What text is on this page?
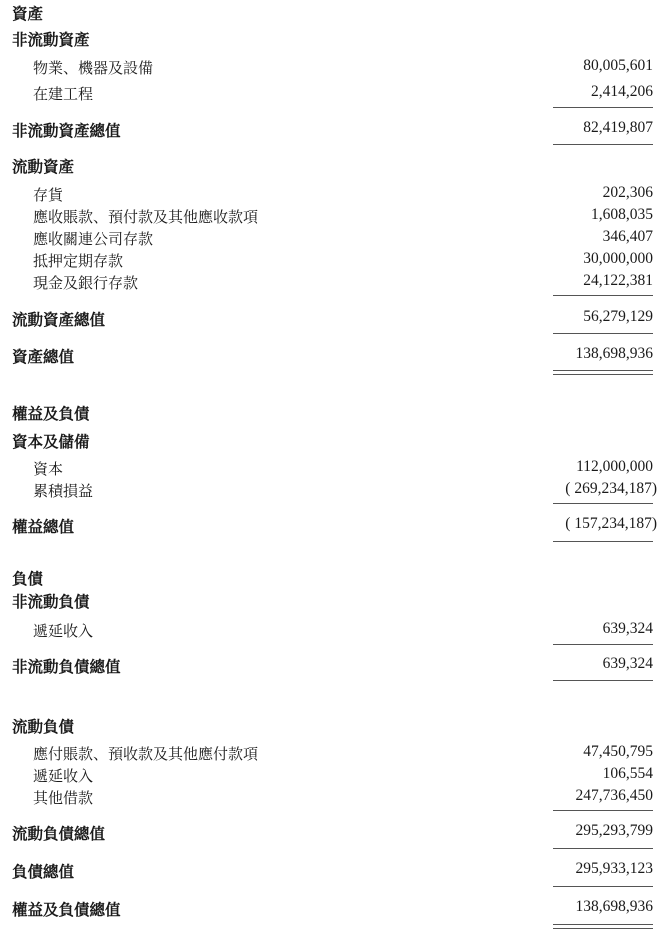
資產
非流動資產
物業、機器及設備	80,005,601
在建工程	2,414,206
非流動資產總值	82,419,807
流動資產
存貨	202,306
應收賬款、預付款及其他應收款項	1,608,035
應收關連公司存款	346,407
抵押定期存款	30,000,000
現金及銀行存款	24,122,381
流動資產總值	56,279,129
資產總值	138,698,936
權益及負債
資本及儲備
資本	112,000,000
累積損益	( 269,234,187)
權益總值	( 157,234,187)
負債
非流動負債
遞延收入	639,324
非流動負債總值	639,324
流動負債
應付賬款、預收款及其他應付款項	47,450,795
遞延收入	106,554
其他借款	247,736,450
流動負債總值	295,293,799
負債總值	295,933,123
權益及負債總值	138,698,936
